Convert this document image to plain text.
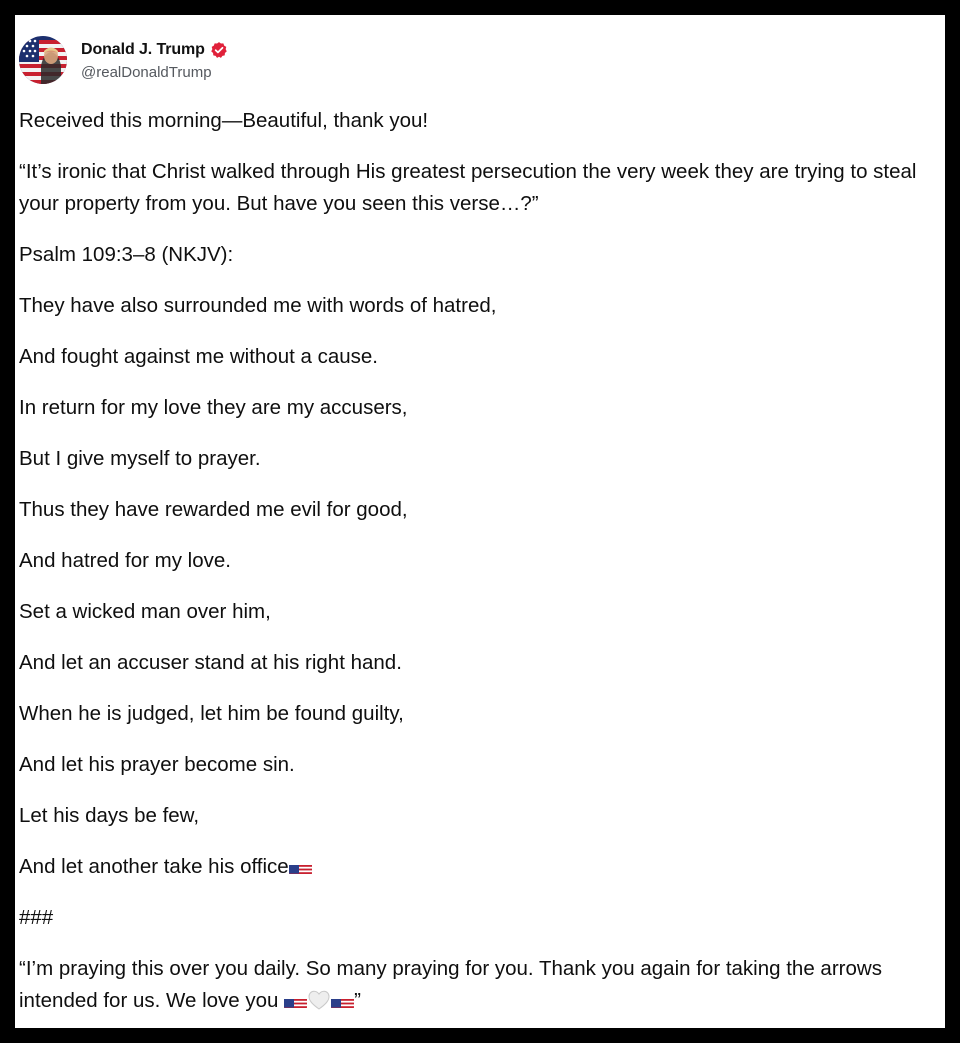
Donald J. Trump
@realDonaldTrump

Received this morning—Beautiful, thank you!

“It’s ironic that Christ walked through His greatest persecution the very week they are trying to steal your property from you. But have you seen this verse…?”

Psalm 109:3–8 (NKJV):

They have also surrounded me with words of hatred,

And fought against me without a cause.

In return for my love they are my accusers,

But I give myself to prayer.

Thus they have rewarded me evil for good,

And hatred for my love.

Set a wicked man over him,

And let an accuser stand at his right hand.

When he is judged, let him be found guilty,

And let his prayer become sin.

Let his days be few,

And let another take his office

###

“I’m praying this over you daily. So many praying for you. Thank you again for taking the arrows intended for us. We love you	”
